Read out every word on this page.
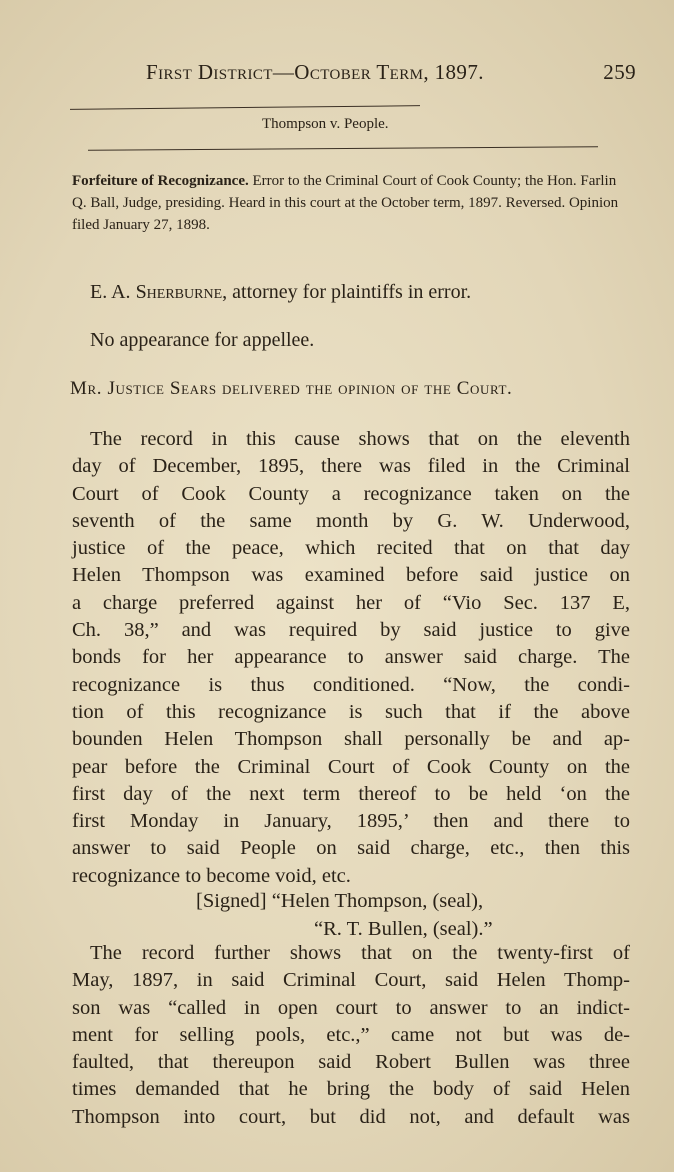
First District—October Term, 1897.	259
Thompson v. People.
Forfeiture of Recognizance. Error to the Criminal Court of Cook County; the Hon. Farlin Q. Ball, Judge, presiding. Heard in this court at the October term, 1897. Reversed. Opinion filed January 27, 1898.
E. A. Sherburne, attorney for plaintiffs in error.
No appearance for appellee.
Mr. Justice Sears delivered the opinion of the Court.
The record in this cause shows that on the eleventh
day of December, 1895, there was filed in the Criminal
Court of Cook County a recognizance taken on the
seventh of the same month by G. W. Underwood,
justice of the peace, which recited that on that day
Helen Thompson was examined before said justice on
a charge preferred against her of “Vio Sec. 137 E,
Ch. 38,” and was required by said justice to give
bonds for her appearance to answer said charge. The
recognizance is thus conditioned. “Now, the condi-
tion of this recognizance is such that if the above
bounden Helen Thompson shall personally be and ap-
pear before the Criminal Court of Cook County on the
first day of the next term thereof to be held ‘on the
first Monday in January, 1895,’ then and there to
answer to said People on said charge, etc., then this
recognizance to become void, etc.
[Signed] “Helen Thompson, (seal),
“R. T. Bullen, (seal).”
The record further shows that on the twenty-first of
May, 1897, in said Criminal Court, said Helen Thomp-
son was “called in open court to answer to an indict-
ment for selling pools, etc.,” came not but was de-
faulted, that thereupon said Robert Bullen was three
times demanded that he bring the body of said Helen
Thompson into court, but did not, and default was
